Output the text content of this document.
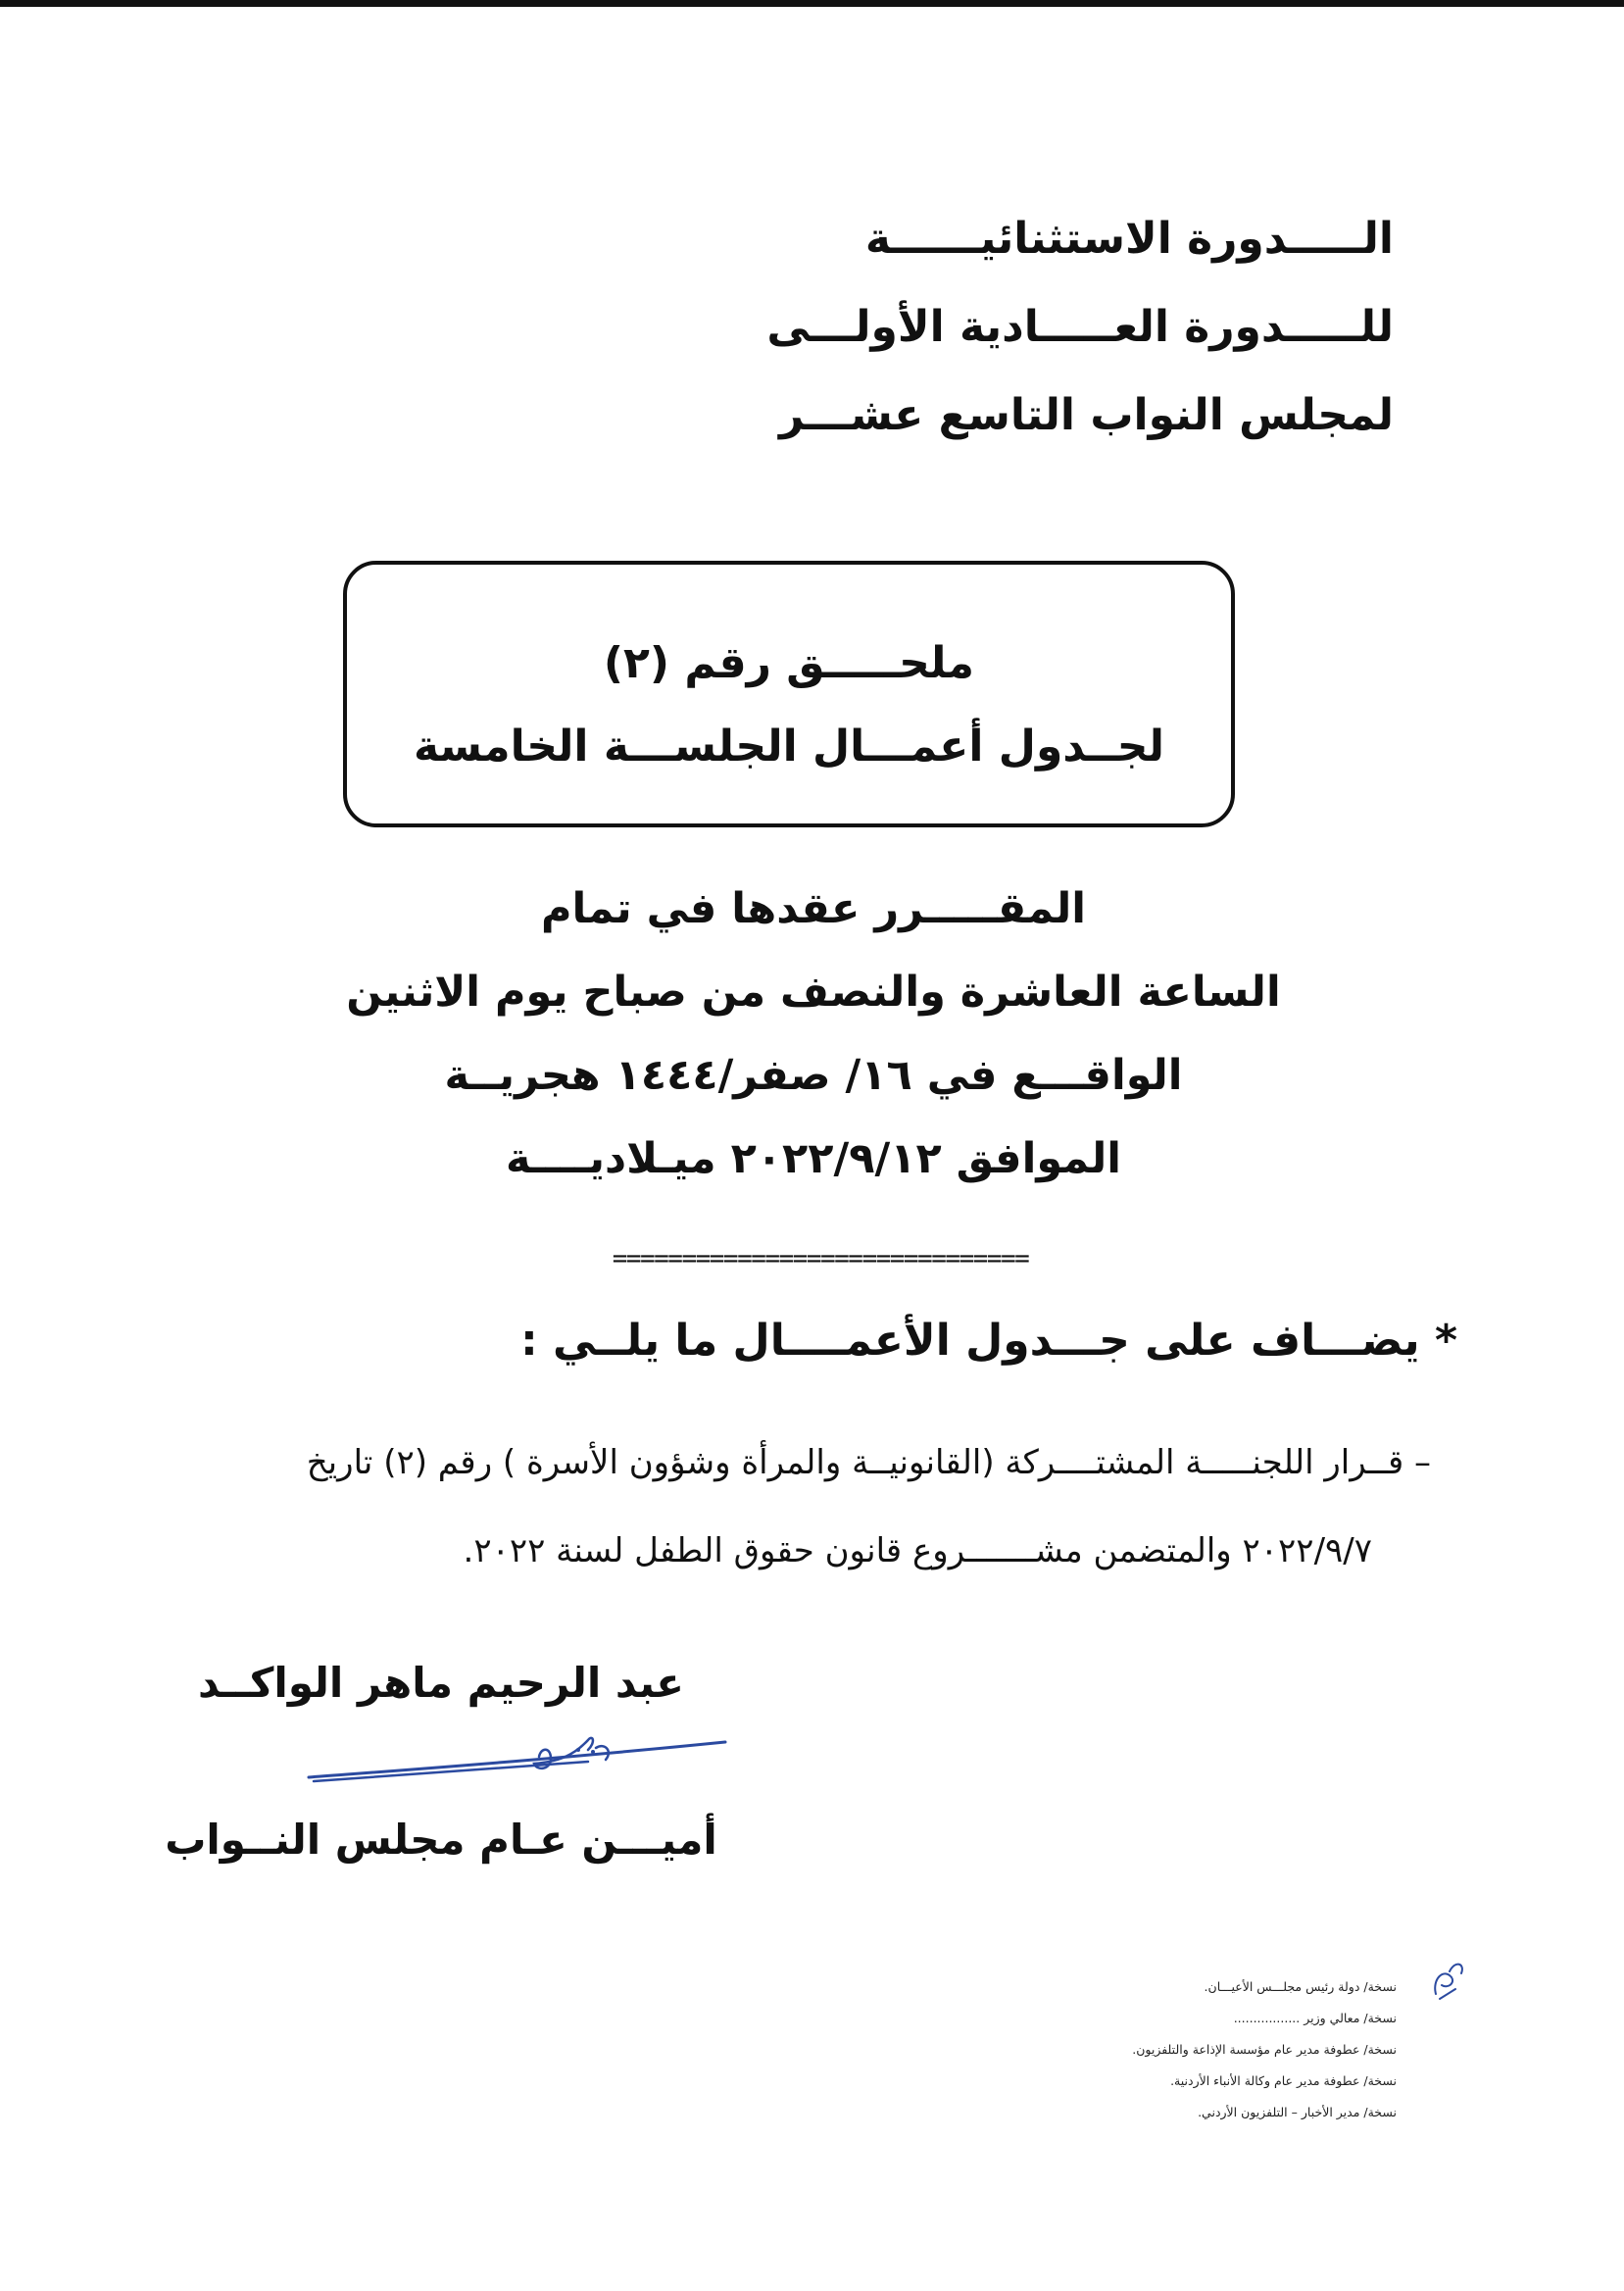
الـــــدورة الاستثنائيــــــة
للـــــدورة العـــــادية الأولـــى
لمجلس النواب التاسع عشـــر
ملحـــــق رقم (٢)
لجــدول أعمـــال الجلســـة الخامسة
المقـــــرر عقدها في تمام
الساعة العاشرة والنصف من صباح يوم الاثنين
الواقـــع في ١٦/ صفر/١٤٤٤ هجريــة
الموافق ٢٠٢٢/٩/١٢ ميـلاديــــة
==============================
* يضـــاف على جـــدول الأعمــــال ما يلــي :
– قــرار اللجنـــــة المشتــــركة (القانونيــة والمرأة وشؤون الأسرة ) رقم (٢) تاريخ
٢٠٢٢/٩/٧ والمتضمن مشـــــــروع قانون حقوق الطفل لسنة ٢٠٢٢.
عبد الرحيم ماهر الواكــد
أميـــن عـام مجلس النــواب
نسخة/ دولة رئيس مجلـــس الأعيـــان.
نسخة/ معالي وزير .................
نسخة/ عطوفة مدير عام مؤسسة الإذاعة والتلفزيون.
نسخة/ عطوفة مدير عام وكالة الأنباء الأردنية.
نسخة/ مدير الأخبار – التلفزيون الأردني.
